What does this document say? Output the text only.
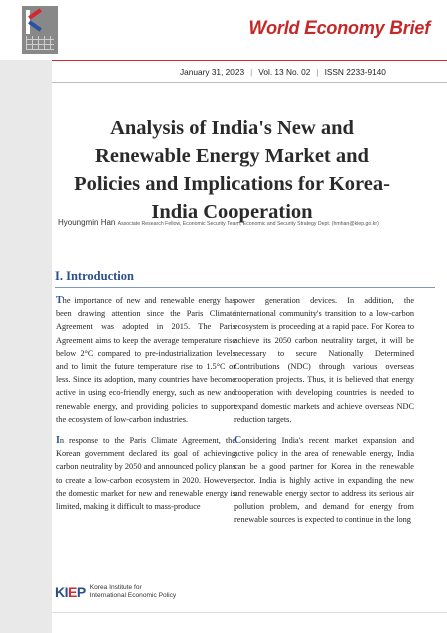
World Economy Brief
January 31, 2023 | Vol. 13 No. 02 | ISSN 2233-9140
Analysis of India's New and Renewable Energy Market and Policies and Implications for Korea-India Cooperation
Hyoungmin Han Associate Research Fellow, Economic Security Team, Economic and Security Strategy Dept. (hmhan@kiep.go.kr)
I. Introduction

The importance of new and renewable energy has been drawing attention since the Paris Climate Agreement was adopted in 2015. The Paris Agreement aims to keep the average temperature rise below 2°C compared to pre-industrialization levels and to limit the future temperature rise to 1.5°C or less. Since its adoption, many countries have become active in using eco-friendly energy, such as new and renewable energy, and providing policies to support the ecosystem of low-carbon industries.

In response to the Paris Climate Agreement, the Korean government declared its goal of achieving carbon neutrality by 2050 and announced policy plans to create a low-carbon ecosystem in 2020. However, the domestic market for new and renewable energy is limited, making it difficult to mass-produce

power generation devices. In addition, the international community's transition to a low-carbon ecosystem is proceeding at a rapid pace. For Korea to achieve its 2050 carbon neutrality target, it will be necessary to secure Nationally Determined Contributions (NDC) through various overseas cooperation projects. Thus, it is believed that energy cooperation with developing countries is needed to expand domestic markets and achieve overseas NDC reduction targets.

Considering India's recent market expansion and active policy in the area of renewable energy, India can be a good partner for Korea in the renewable sector. India is highly active in expanding the new and renewable energy sector to address its serious air pollution problem, and demand for energy from renewable sources is expected to continue in the long

KIEP Korea Institute for
International Economic Policy
